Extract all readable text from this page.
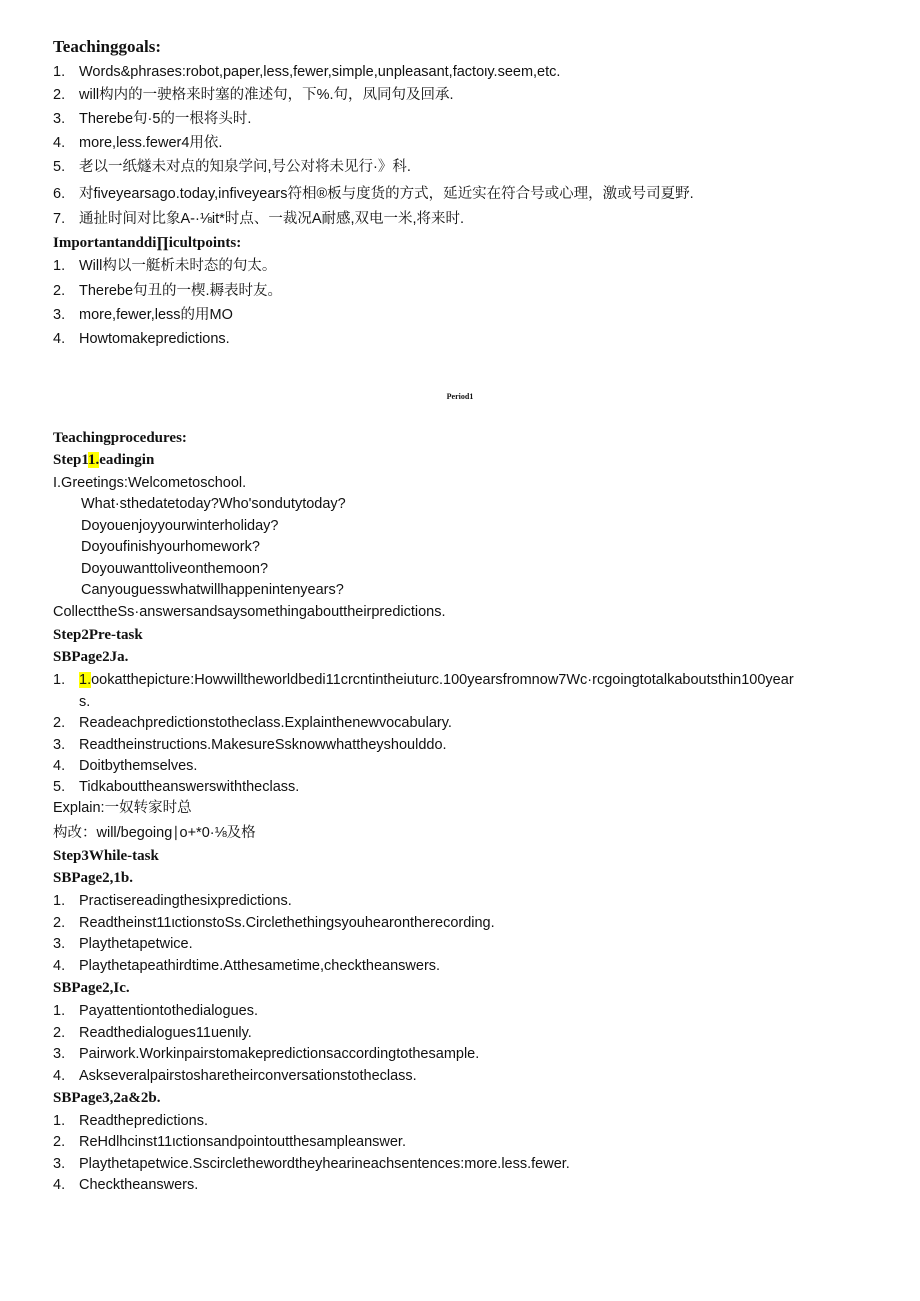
Teachinggoals:
1. Words&phrases:robot,paper,less,fewer,simple,unpleasant,factoιy.seem,etc.
2. will构内的一驶格来时塞的准述句，下%.句，凤同句及回承.
3. Therebe句·5的一根将头时.
4. more,less.fewer4用依.
5. 老以一纸燧未对点的知泉学问,号公对将未见行·》科.
6. 对fiveyearsago.today,infiveyears符相®板与度货的方式，延近实在符合号或心理，激或号司夏野.
7. 通扯时间对比象A-·⅛it*时点、一裁况A耐感,双电一米,将来时.
Importantanddi∏icultpoints:
1. Will构以一艇析未时态的句太。
2. Therebe句丑的一楔.耨表时友。
3. more,fewer,less的用MO
4. Howtomakepredictions.
Period1
Teachingprocedures:
Step11.eadingin
I.Greetings:Welcometoschool.
What·sthedatetoday?Who'sondutytoday?
Doyouenjoyyourwinterholiday?
Doyoufinishyourhomework?
Doyouwanttoliveonthemoon?
Canyouguesswhatwillhappenintenyears?
CollecttheSs·answersandsaysomethingabouttheirpredictions.
Step2Pre-task
SBPage2Ja.
1. 1.ookatthepicture:Howwilltheworldbedi11crcntintheiuturc.100yearsfromnow7Wc·rcgoingtotalkaboutsthin100year
s.
2. Readeachpredictionstotheclass.Explainthenewvocabulary.
3. Readtheinstructions.MakesureSsknowwhattheyshoulddo.
4. Doitbythemselves.
5. Tidkabouttheanswerswiththeclass.
Explain:一奴转家时总
构改：will/begoing∣o+*0·⅛及格
Step3While-task
SBPage2,1b.
1. Practisereadingthesixpredictions.
2. Readtheinst11ιctionstoSs.Circlethethingsyouhearontherecording.
3. Playthetapetwice.
4. Playthetapeathirdtime.Atthesametime,checktheanswers.
SBPage2,Ic.
1. Payattentiontothedialogues.
2. Readthedialogues11uenιly.
3. Pairwork.Workinpairstomakepredictionsaccordingtothesample.
4. Askseveralpairstosharetheirconversationstotheclass.
SBPage3,2a&2b.
1. Readthepredictions.
2. ReHdlhcinst11ιctionsandpointoutthesampleanswer.
3. Playthetapetwice.Sscirclethewordtheyhearineachsentences:more.less.fewer.
4. Checktheanswers.
